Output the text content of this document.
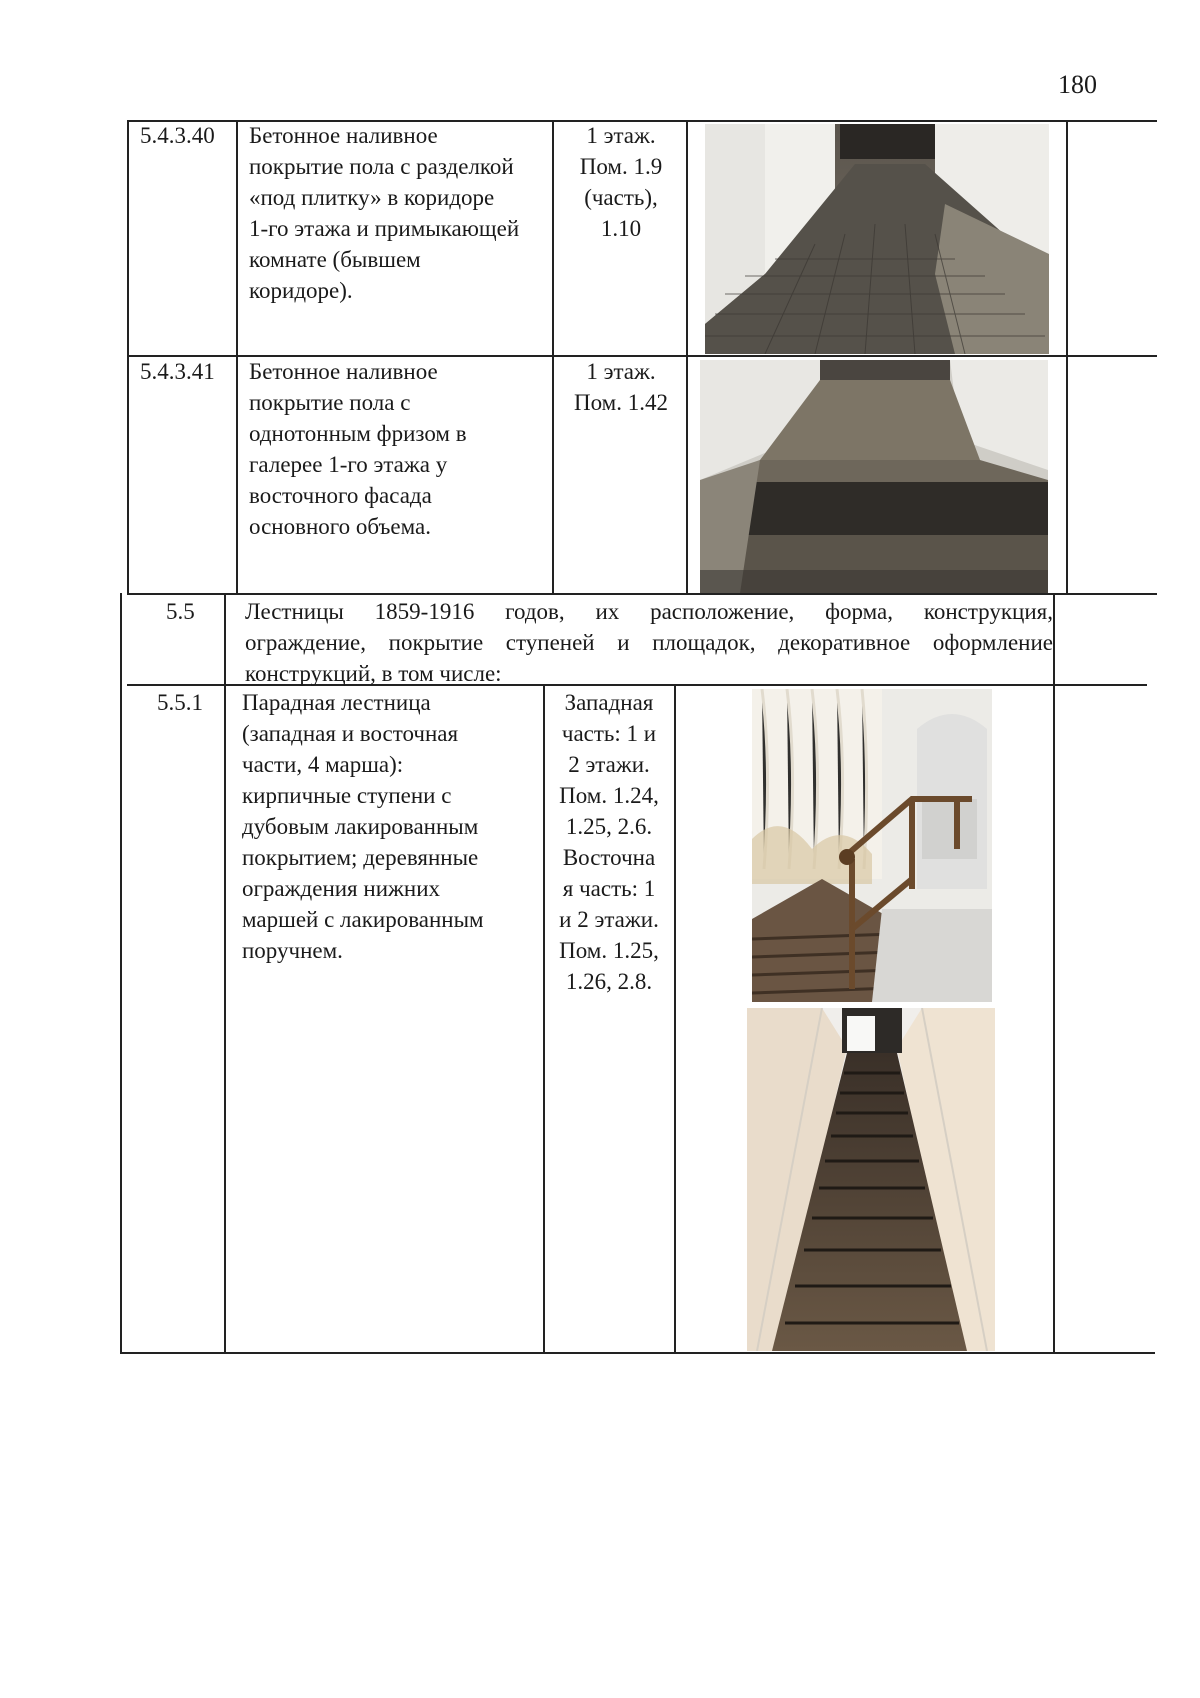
180
5.4.3.40 Бетонное наливное
покрытие пола с разделкой
«под плитку» в коридоре
1-го этажа и примыкающей
комнате (бывшем
коридоре).
1 этаж.
Пом. 1.9
(часть),
1.10
5.4.3.41 Бетонное наливное
покрытие пола с
однотонным фризом в
галерее 1-го этажа у
восточного фасада
основного объема.
1 этаж.
Пом. 1.42
5.5 Лестницы 1859-1916 годов, их расположение, форма, конструкция,
ограждение, покрытие ступеней и площадок, декоративное оформление
конструкций, в том числе:
5.5.1 Парадная лестница
(западная и восточная
части, 4 марша):
кирпичные ступени с
дубовым лакированным
покрытием; деревянные
ограждения нижних
маршей с лакированным
поручнем.
Западная
часть: 1 и
2 этажи.
Пом. 1.24,
1.25, 2.6.
Восточна
я часть: 1
и 2 этажи.
Пом. 1.25,
1.26, 2.8.
